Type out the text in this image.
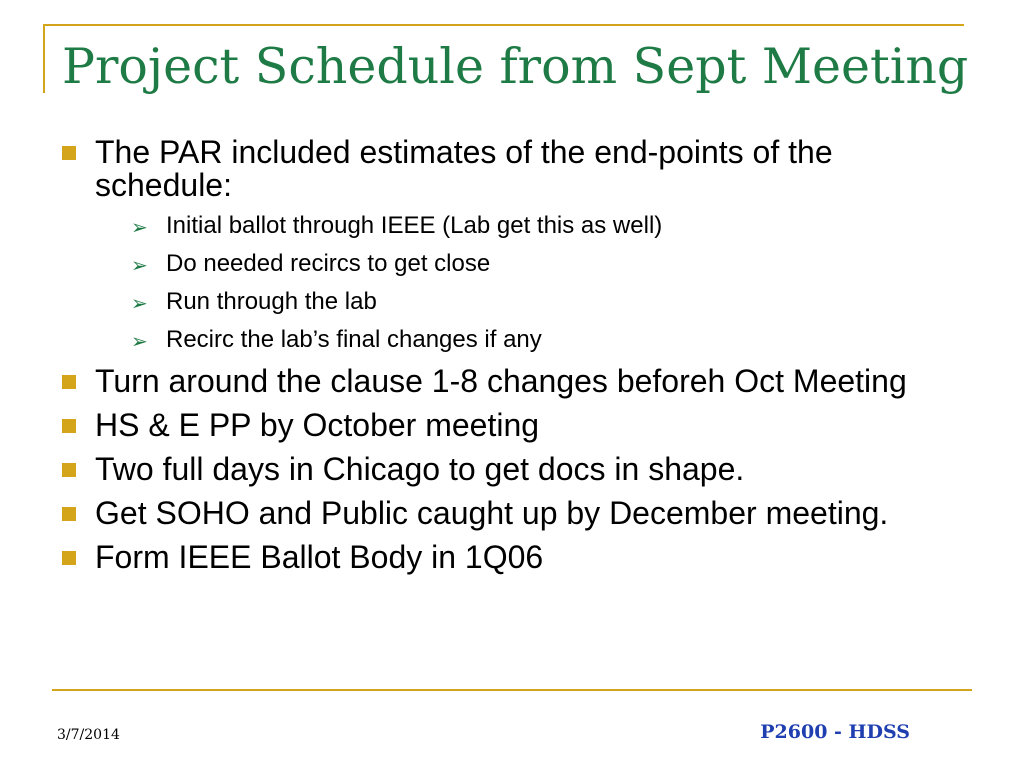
Project Schedule from Sept Meeting
The PAR included estimates of the end-points of the schedule:
➢ Initial ballot through IEEE (Lab get this as well)
➢ Do needed recircs to get close
➢ Run through the lab
➢ Recirc the lab’s final changes if any
Turn around the clause 1-8 changes beforeh Oct Meeting
HS & E PP by October meeting
Two full days in Chicago to get docs in shape.
Get SOHO and Public caught up by December meeting.
Form IEEE Ballot Body in 1Q06
3/7/2014	P2600 - HDSS
